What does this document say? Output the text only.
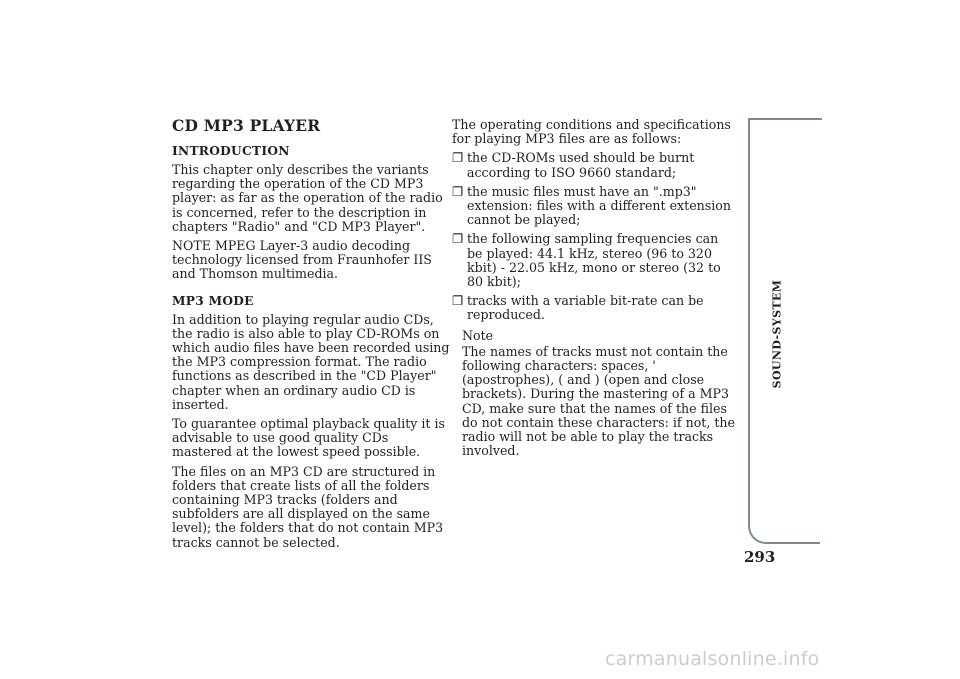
CD MP3 PLAYER
INTRODUCTION

This chapter only describes the variants regarding the operation of the CD MP3 player: as far as the operation of the radio is concerned, refer to the description in chapters "Radio" and "CD MP3 Player".

NOTE MPEG Layer-3 audio decoding technology licensed from Fraunhofer IIS and Thomson multimedia.

MP3 MODE

In addition to playing regular audio CDs, the radio is also able to play CD-ROMs on which audio files have been recorded using the MP3 compression format. The radio functions as described in the "CD Player" chapter when an ordinary audio CD is inserted.

To guarantee optimal playback quality it is advisable to use good quality CDs mastered at the lowest speed possible.

The files on an MP3 CD are structured in folders that create lists of all the folders containing MP3 tracks (folders and subfolders are all displayed on the same level); the folders that do not contain MP3 tracks cannot be selected.

The operating conditions and specifications for playing MP3 files are as follows:

❐ the CD-ROMs used should be burnt according to ISO 9660 standard;
❐ the music files must have an ".mp3" extension: files with a different extension cannot be played;
❐ the following sampling frequencies can be played: 44.1 kHz, stereo (96 to 320 kbit) - 22.05 kHz, mono or stereo (32 to 80 kbit);
❐ tracks with a variable bit-rate can be reproduced.
Note

The names of tracks must not contain the following characters: spaces, ' (apostrophes), ( and ) (open and close brackets). During the mastering of a MP3 CD, make sure that the names of the files do not contain these characters: if not, the radio will not be able to play the tracks involved.

SOUND-SYSTEM
293
carmanualsonline.info
